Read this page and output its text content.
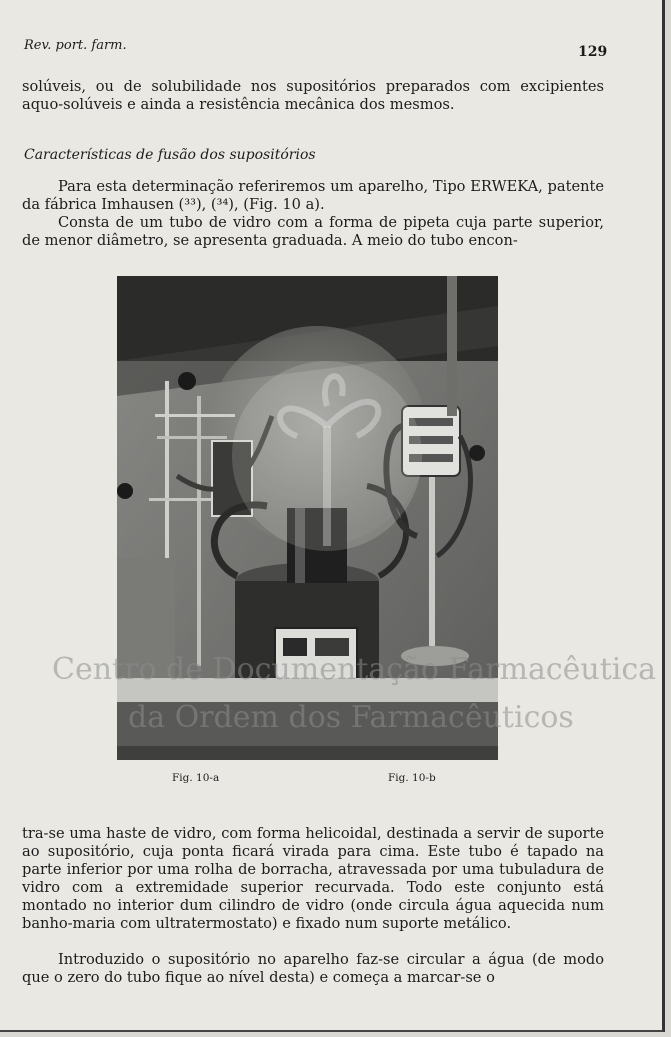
Rev. port. farm.	129
solúveis, ou de solubilidade nos supositórios preparados com excipientes aquo-solúveis e ainda a resistência mecânica dos mesmos.
Características de fusão dos supositórios
Para esta determinação referiremos um aparelho, Tipo ERWEKA, patente da fábrica Imhausen (³³), (³⁴), (Fig. 10 a).
Consta de um tubo de vidro com a forma de pipeta cuja parte superior, de menor diâmetro, se apresenta graduada. A meio do tubo encon-
Fig. 10-a	Fig. 10-b
tra-se uma haste de vidro, com forma helicoidal, destinada a servir de suporte ao supositório, cuja ponta ficará virada para cima. Este tubo é tapado na parte inferior por uma rolha de borracha, atravessada por uma tubuladura de vidro com a extremidade superior recurvada. Todo este conjunto está montado no interior dum cilindro de vidro (onde circula água aquecida num banho-maria com ultratermostato) e fixado num suporte metálico.
Introduzido o supositório no aparelho faz-se circular a água (de modo que o zero do tubo fique ao nível desta) e começa a marcar-se o
Centro de Documentação Farmacêutica
da Ordem dos Farmacêuticos
